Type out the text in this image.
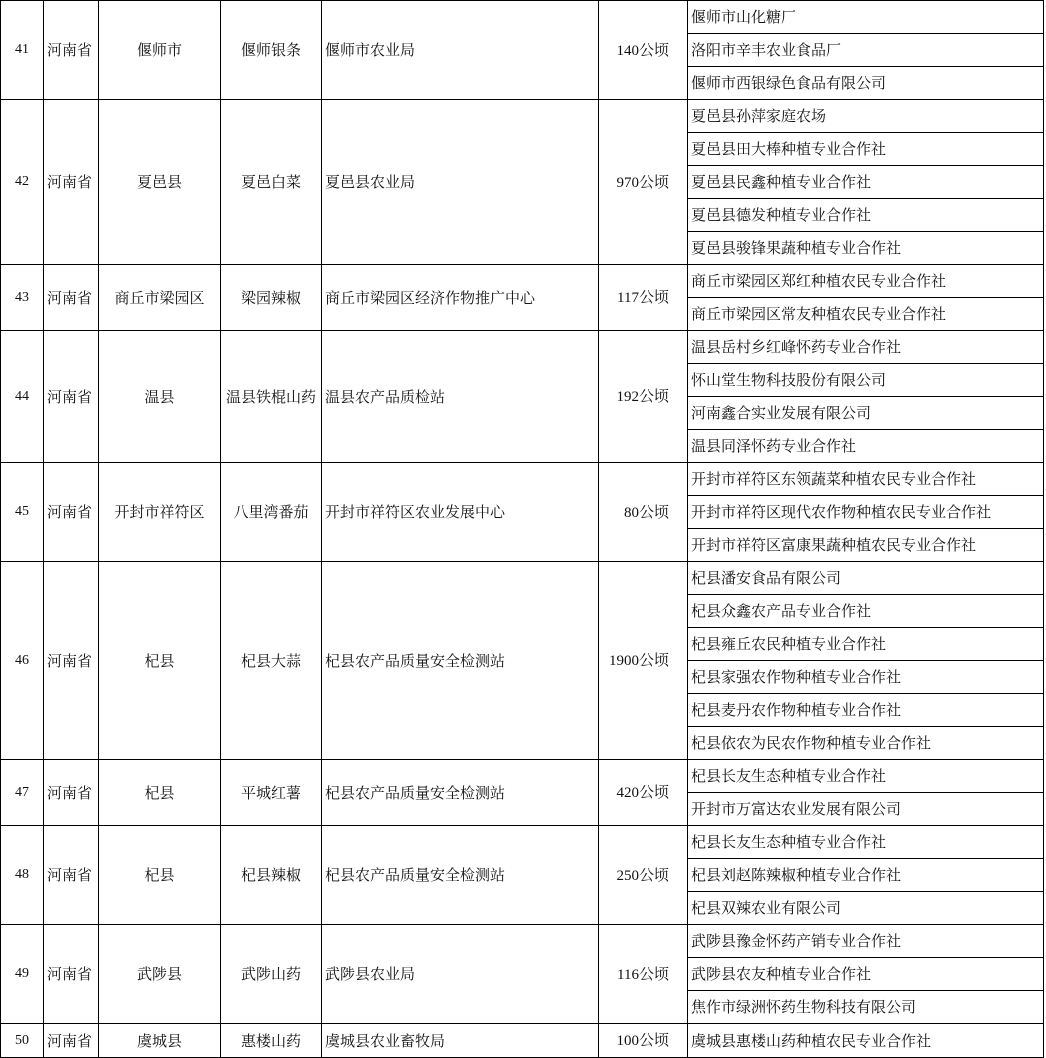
41	河南省	偃师市	偃师银条	偃师市农业局	140公顷	偃师市山化糖厂
						洛阳市辛丰农业食品厂
						偃师市西银绿色食品有限公司
42	河南省	夏邑县	夏邑白菜	夏邑县农业局	970公顷	夏邑县孙萍家庭农场
						夏邑县田大棒种植专业合作社
						夏邑县民鑫种植专业合作社
						夏邑县德发种植专业合作社
						夏邑县骏锋果蔬种植专业合作社
43	河南省	商丘市梁园区	梁园辣椒	商丘市梁园区经济作物推广中心	117公顷	商丘市梁园区郑红种植农民专业合作社
						商丘市梁园区常友种植农民专业合作社
44	河南省	温县	温县铁棍山药	温县农产品质检站	192公顷	温县岳村乡红峰怀药专业合作社
						怀山堂生物科技股份有限公司
						河南鑫合实业发展有限公司
						温县同泽怀药专业合作社
45	河南省	开封市祥符区	八里湾番茄	开封市祥符区农业发展中心	80公顷	开封市祥符区东领蔬菜种植农民专业合作社
						开封市祥符区现代农作物种植农民专业合作社
						开封市祥符区富康果蔬种植农民专业合作社
46	河南省	杞县	杞县大蒜	杞县农产品质量安全检测站	1900公顷	杞县潘安食品有限公司
						杞县众鑫农产品专业合作社
						杞县雍丘农民种植专业合作社
						杞县家强农作物种植专业合作社
						杞县麦丹农作物种植专业合作社
						杞县依农为民农作物种植专业合作社
47	河南省	杞县	平城红薯	杞县农产品质量安全检测站	420公顷	杞县长友生态种植专业合作社
						开封市万富达农业发展有限公司
48	河南省	杞县	杞县辣椒	杞县农产品质量安全检测站	250公顷	杞县长友生态种植专业合作社
						杞县刘赵陈辣椒种植专业合作社
						杞县双辣农业有限公司
49	河南省	武陟县	武陟山药	武陟县农业局	116公顷	武陟县豫金怀药产销专业合作社
						武陟县农友种植专业合作社
						焦作市绿洲怀药生物科技有限公司
50	河南省	虞城县	惠楼山药	虞城县农业畜牧局	100公顷	虞城县惠楼山药种植农民专业合作社
